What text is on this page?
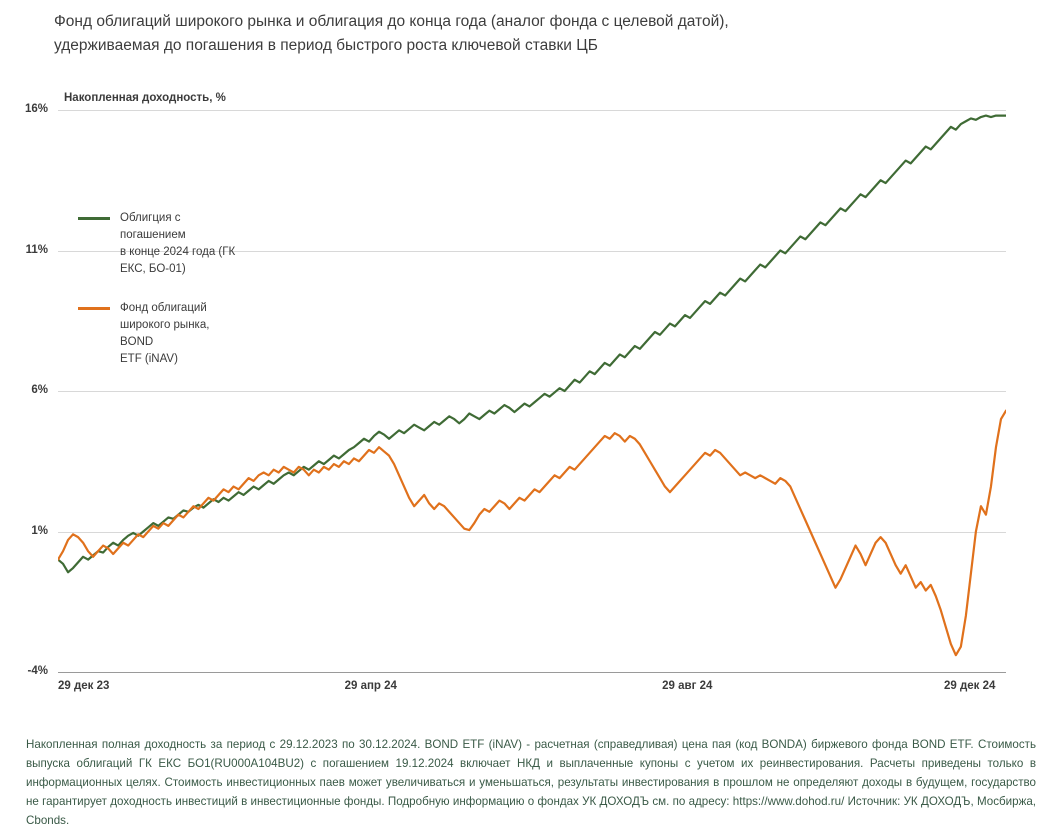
Фонд облигаций широкого рынка и облигация до конца года (аналог фонда с целевой датой),
удерживаемая до погашения в период быстрого роста ключевой ставки ЦБ
Накопленная доходность, %
-4%
1%
6%
11%
16%
29 дек 23	29 апр 24	29 авг 24	29 дек 24
Облигция с погашением
в конце 2024 года (ГК
ЕКС, БО-01)
Фонд облигаций
широкого рынка, BOND
ETF (iNAV)
Накопленная полная доходность за период с 29.12.2023 по 30.12.2024. BOND ETF (iNAV) - расчетная (справедливая) цена пая (код BONDA) биржевого фонда BOND ETF. Стоимость выпуска облигаций ГК ЕКС БО1(RU000A104BU2) с погашением 19.12.2024 включает НКД и выплаченные купоны с учетом их реинвестирования. Расчеты приведены только в информационных целях. Стоимость инвестиционных паев может увеличиваться и уменьшаться, результаты инвестирования в прошлом не определяют доходы в будущем, государство не гарантирует доходность инвестиций в инвестиционные фонды. Подробную информацию о фондах УК ДОХОДЪ см. по адресу: https://www.dohod.ru/ Источник: УК ДОХОДЪ, Мосбиржа, Cbonds.
